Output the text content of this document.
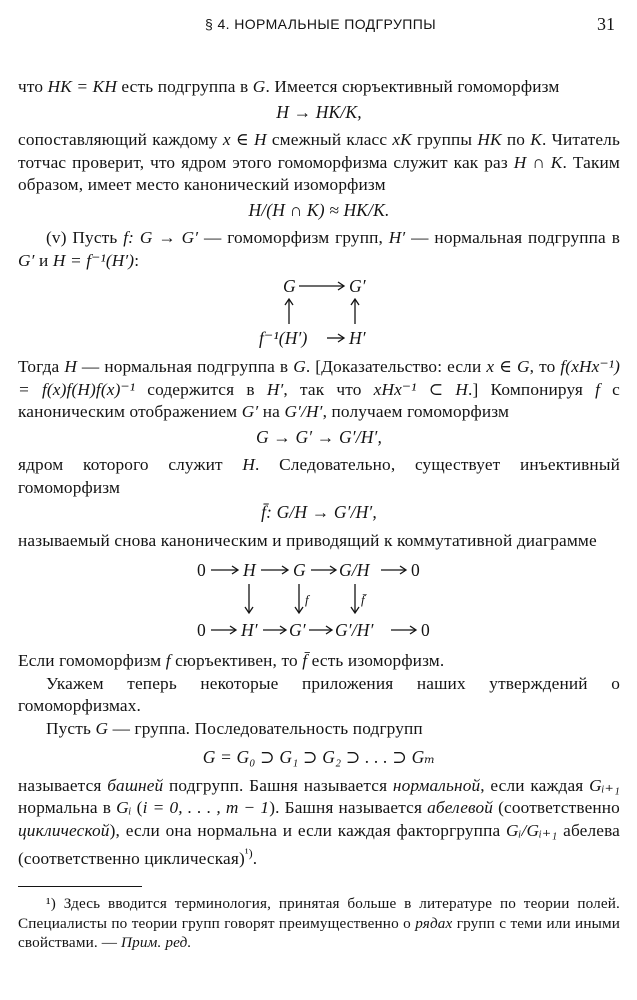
§ 4. НОРМАЛЬНЫЕ ПОДГРУППЫ	31

что HK = KH есть подгруппа в G. Имеется сюръективный гомоморфизм

H → HK/K,

сопоставляющий каждому x ∈ H смежный класс xK группы HK по K. Читатель тотчас проверит, что ядром этого гомоморфизма служит как раз H ∩ K. Таким образом, имеет место канонический изоморфизм

H/(H ∩ K) ≈ HK/K.

(v) Пусть f: G → G′ — гомоморфизм групп, H′ — нормальная подгруппа в G′ и H = f⁻¹(H′):

G	G′
f⁻¹(H′) H′

Тогда H — нормальная подгруппа в G. [Доказательство: если x ∈ G, то f(xHx⁻¹) = f(x)f(H)f(x)⁻¹ содержится в H′, так что xHx⁻¹ ⊂ H.] Компонируя f с каноническим отображением G′ на G′/H′, получаем гомоморфизм

G → G′ → G′/H′,

ядром которого служит H. Следовательно, существует инъективный гомоморфизм

f̄: G/H → G′/H′,

называемый снова каноническим и приводящий к коммутативной диаграмме

0 H G G/H 0
0 H′ G′ G′/H′	0
f	f̄

Если гомоморфизм f сюръективен, то f̄ есть изоморфизм.

Укажем теперь некоторые приложения наших утверждений о гомоморфизмах.

Пусть G — группа. Последовательность подгрупп

G = G₀ ⊃ G₁ ⊃ G₂ ⊃ . . . ⊃ Gₘ

называется башней подгрупп. Башня называется нормальной, если каждая Gᵢ₊₁ нормальна в Gᵢ (i = 0, . . . , m − 1). Башня называется абелевой (соответственно циклической), если она нормальна и если каждая факторгруппа Gᵢ/Gᵢ₊₁ абелева (соответственно циклическая)$^{^1)}$.

¹) Здесь вводится терминология, принятая больше в литературе по теории полей. Специалисты по теории групп говорят преимущественно о рядах групп с теми или иными свойствами. — Прим. ред.
